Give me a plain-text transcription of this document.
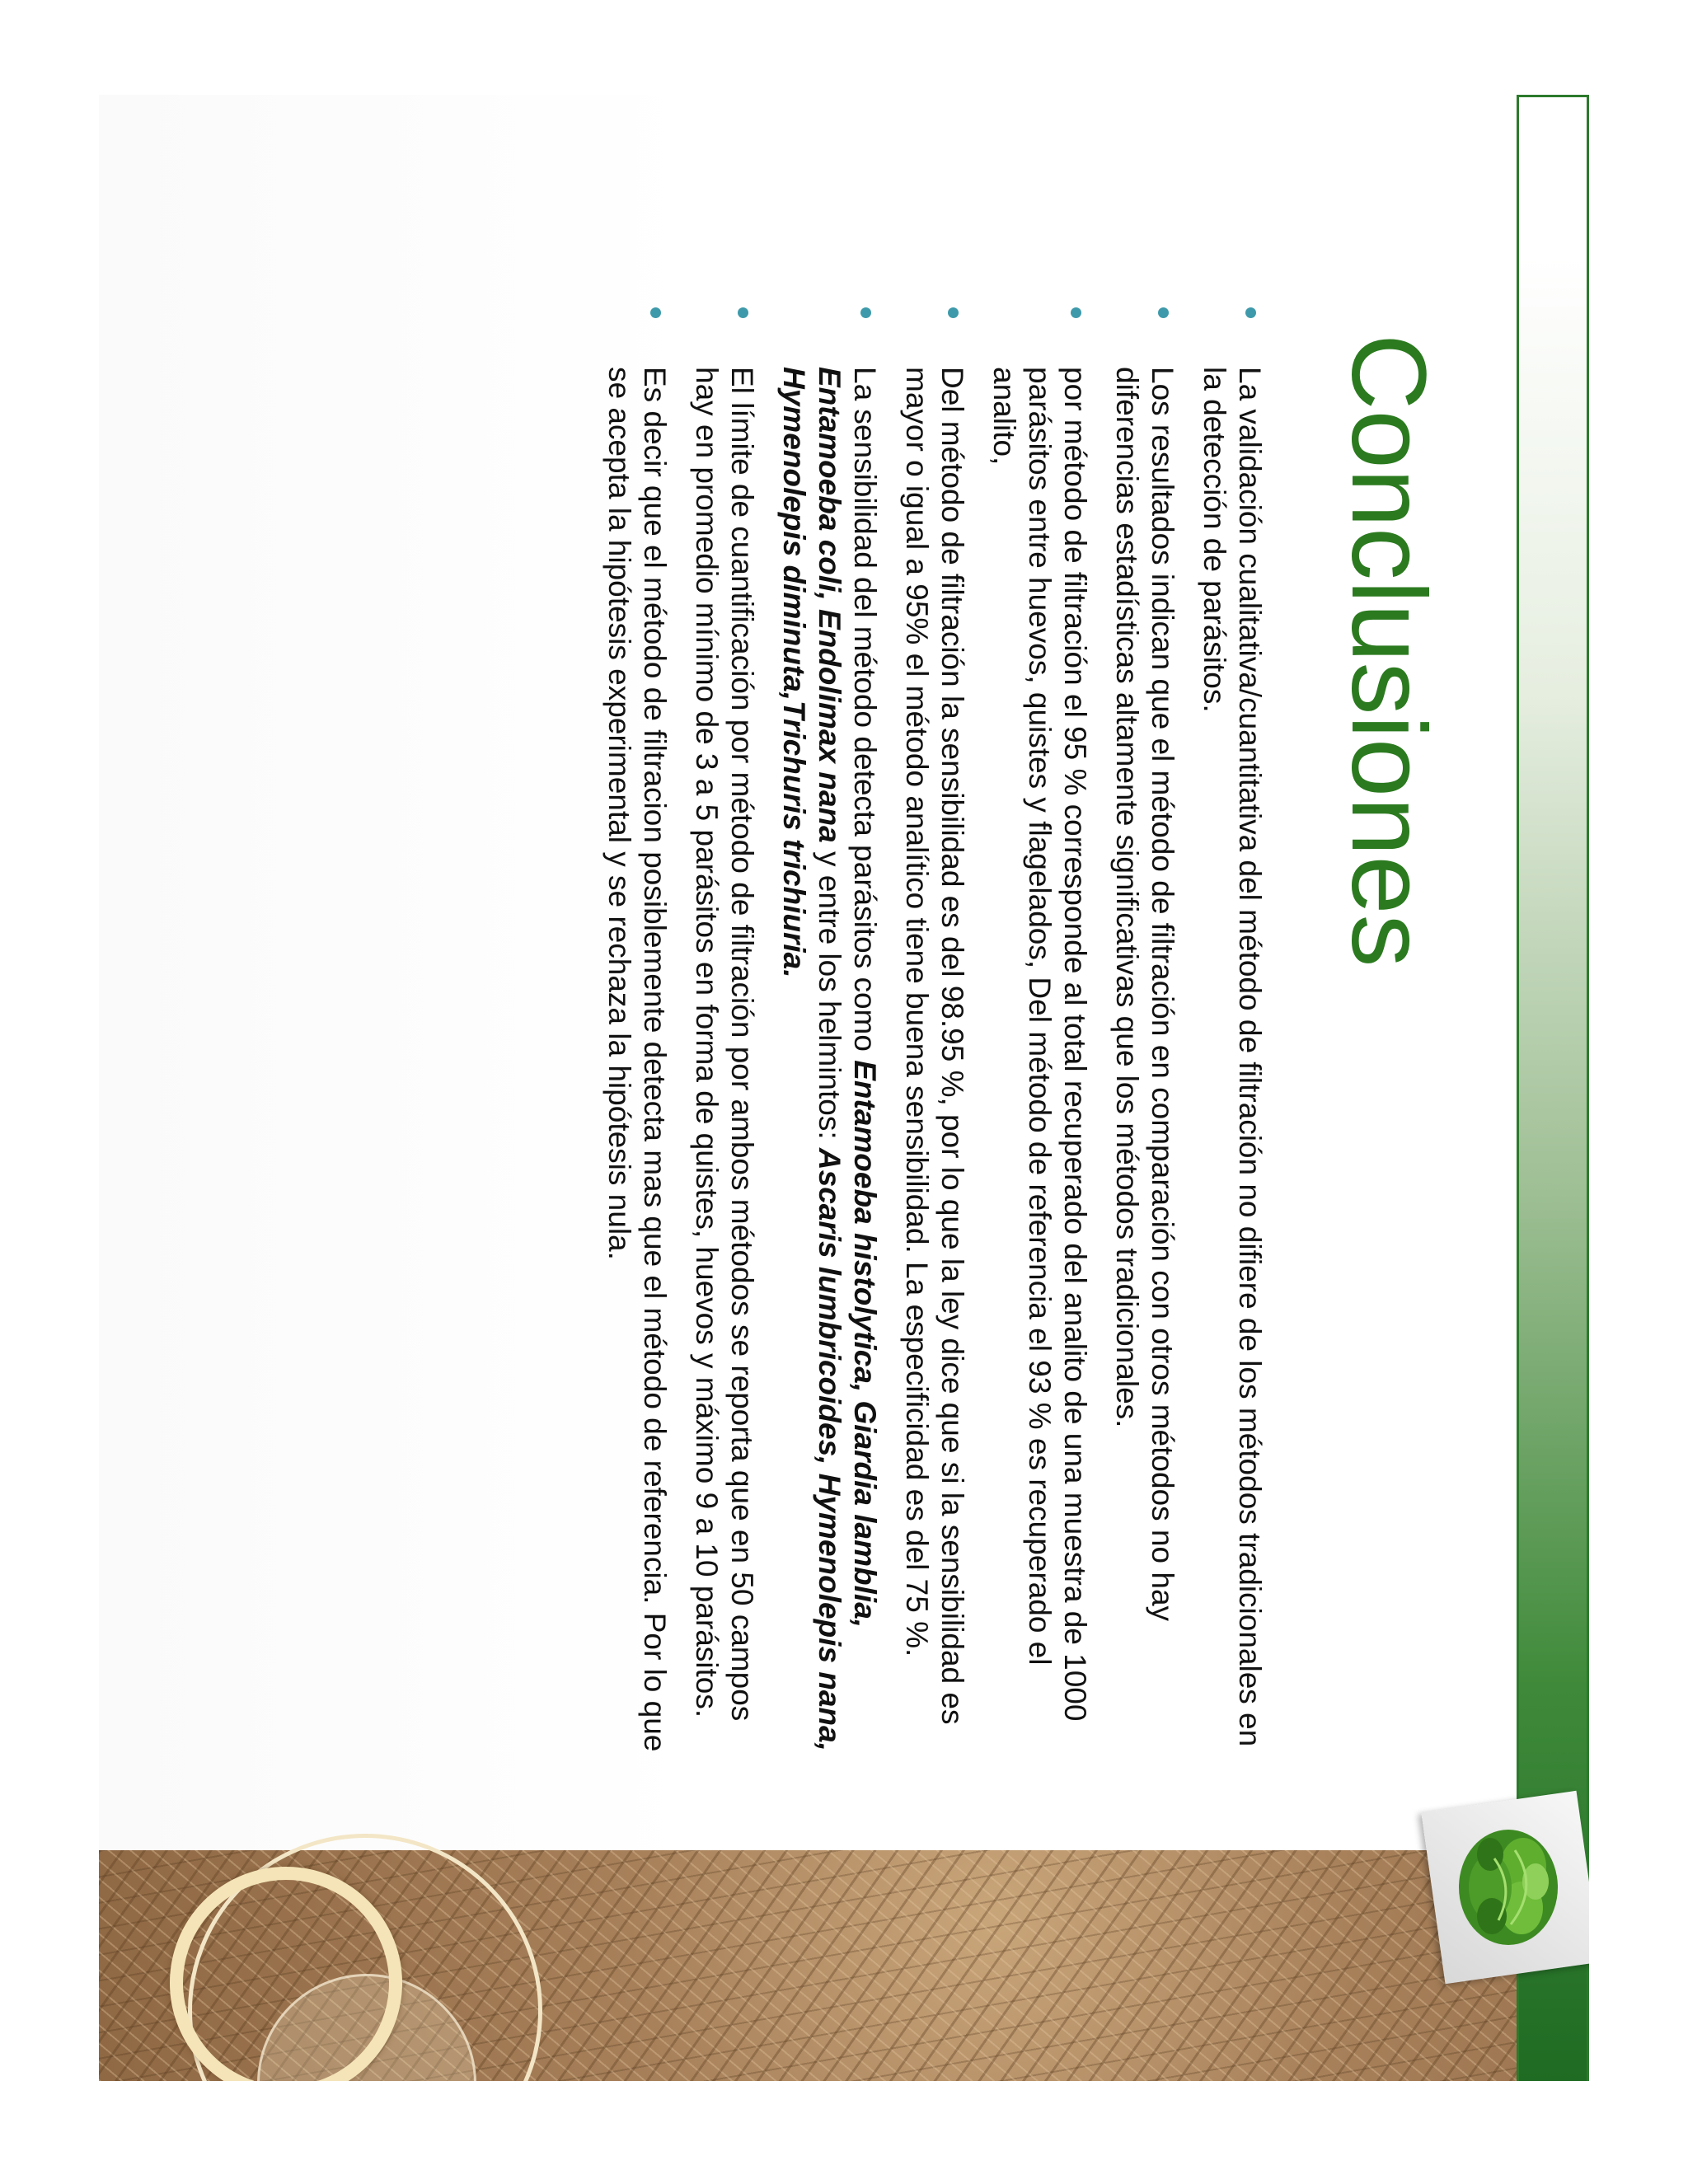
Conclusiones
La validación cualitativa/cuantitativa del método de filtración no difiere de los métodos tradicionales en la detección de parásitos.
Los resultados indican que el método de filtración en comparación con otros métodos no hay diferencias estadísticas altamente significativas que los métodos tradicionales.
por método de filtración el 95 % corresponde al total recuperado del analito de una muestra de 1000 parásitos entre huevos, quistes y flagelados, Del método de referencia el 93 % es recuperado el analito,
Del método de filtración la sensibilidad es del 98.95 %, por lo que la ley dice que si la sensibilidad es mayor o igual a 95% el método analítico tiene buena sensibilidad. La especificidad es del 75 %.
La sensibilidad del método detecta parásitos como Entamoeba histolytica, Giardia lamblia, Entamoeba coli, Endolimax nana y entre los helmintos: Ascaris lumbricoides, Hymenolepis nana, Hymenolepis diminuta,Trichuris trichiuria.
El límite de cuantificación por método de filtración por ambos métodos se reporta que en 50 campos hay en promedio mínimo de 3 a 5 parásitos en forma de quistes, huevos y máximo 9 a 10 parásitos.
Es decir que el método de filtracion posiblemente detecta mas que el método de referencia. Por lo que se acepta la hipótesis experimental y se rechaza la hipótesis nula.
